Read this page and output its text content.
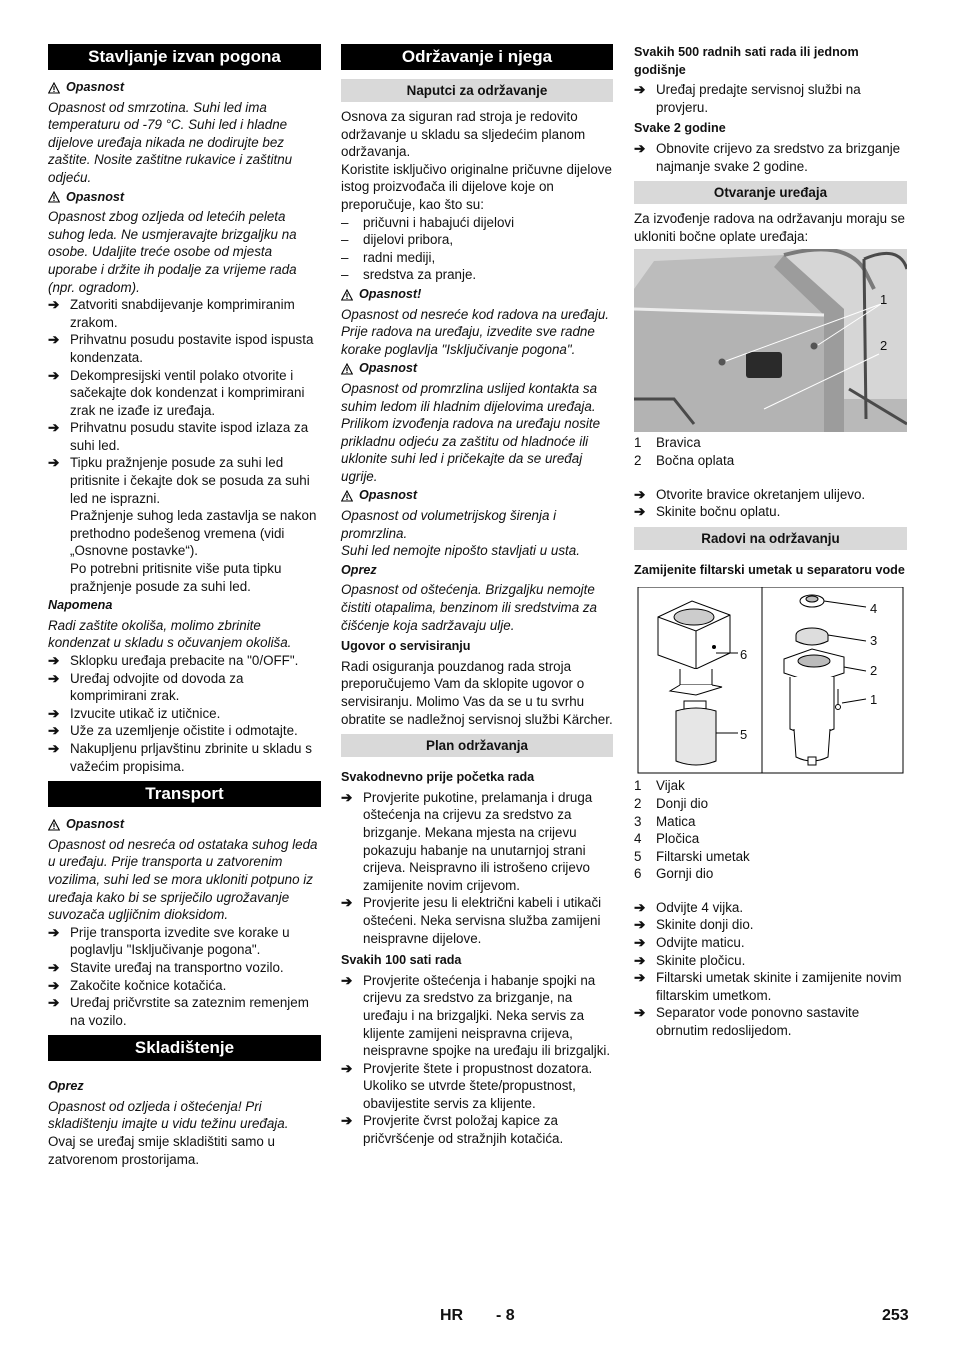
Stavljanje izvan pogona
Opasnost

Opasnost od smrzotina. Suhi led ima temperaturu od -79 °C. Suhi led i hladne dijelove uređaja nikada ne dodirujte bez zaštite. Nosite zaštitne rukavice i zaštitnu odjeću.

Opasnost

Opasnost zbog ozljeda od letećih peleta suhog leda. Ne usmjeravajte brizgaljku na osobe. Udaljite treće osobe od mjesta uporabe i držite ih podalje za vrijeme rada (npr. ogradom).

➔ Zatvoriti snabdijevanje komprimiranim zrakom.
➔ Prihvatnu posudu postavite ispod ispusta kondenzata.
➔ Dekompresijski ventil polako otvorite i sačekajte dok kondenzat i komprimirani zrak ne izađe iz uređaja.
➔ Prihvatnu posudu stavite ispod izlaza za suhi led.
➔ Tipku pražnjenje posude za suhi led pritisnite i čekajte dok se posuda za suhi led ne isprazni.

Pražnjenje suhog leda zastavlja se nakon prethodno podešenog vremena (vidi „Osnovne postavke“).

Po potrebni pritisnite više puta tipku pražnjenje posude za suhi led.

Napomena

Radi zaštite okoliša, molimo zbrinite kondenzat u skladu s očuvanjem okoliša.

➔ Sklopku uređaja prebacite na "0/OFF".
➔ Uređaj odvojite od dovoda za komprimirani zrak.
➔ Izvucite utikač iz utičnice.
➔ Uže za uzemljenje očistite i odmotajte.
➔ Nakupljenu prljavštinu zbrinite u skladu s važećim propisima.
Transport
Opasnost

Opasnost od nesreća od ostataka suhog leda u uređaju. Prije transporta u zatvorenim vozilima, suhi led se mora ukloniti potpuno iz uređaja kako bi se spriječilo ugrožavanje suvozača ugljičnim dioksidom.

➔ Prije transporta izvedite sve korake u poglavlju "Isključivanje pogona".
➔ Stavite uređaj na transportno vozilo.
➔ Zakočite kočnice kotačića.
➔ Uređaj pričvrstite sa zateznim remenjem na vozilo.
Skladištenje
Oprez

Opasnost od ozljeda i oštećenja! Pri skladištenju imajte u vidu težinu uređaja.

Ovaj se uređaj smije skladištiti samo u zatvorenom prostorijama.

Održavanje i njega
Naputci za održavanje

Osnova za siguran rad stroja je redovito održavanje u skladu sa sljedećim planom održavanja.

Koristite isključivo originalne pričuvne dijelove istog proizvođača ili dijelove koje on preporučuje, kao što su:

–	pričuvni i habajući dijelovi
–	dijelovi pribora,
–	radni mediji,
–	sredstva za pranje.
Opasnost!

Opasnost od nesreće kod radova na uređaju. Prije radova na uređaju, izvedite sve radne korake poglavlja "Isključivanje pogona".

Opasnost

Opasnost od promrzlina uslijed kontakta sa suhim ledom ili hladnim dijelovima uređaja. Prilikom izvođenja radova na uređaju nosite prikladnu odjeću za zaštitu od hladnoće ili uklonite suhi led i pričekajte da se uređaj ugrije.

Opasnost

Opasnost od volumetrijskog širenja i promrzlina.

Suhi led nemojte nipošto stavljati u usta.

Oprez

Opasnost od oštećenja. Brizgaljku nemojte čistiti otapalima, benzinom ili sredstvima za čišćenje koja sadržavaju ulje.

Ugovor o servisiranju

Radi osiguranja pouzdanog rada stroja preporučujemo Vam da sklopite ugovor o servisiranju. Molimo Vas da se u tu svrhu obratite se nadležnoj servisnoj službi Kärcher.

Plan održavanja
Svakodnevno prije početka rada
➔ Provjerite pukotine, prelamanja i druga oštećenja na crijevu za sredstvo za brizganje. Mekana mjesta na crijevu pokazuju habanje na unutarnjoj strani crijeva. Neispravno ili istrošeno crijevo zamijenite novim crijevom.
➔ Provjerite jesu li električni kabeli i utikači oštećeni. Neka servisna služba zamijeni neispravne dijelove.
Svakih 100 sati rada
➔ Provjerite oštećenja i habanje spojki na crijevu za sredstvo za brizganje, na uređaju i na brizgaljki. Neka servis za klijente zamijeni neispravna crijeva, neispravne spojke na uređaju ili brizgaljki.
➔ Provjerite štete i propustnost dozatora. Ukoliko se utvrde štete/propustnost, obavijestite servis za klijente.
➔ Provjerite čvrst položaj kapice za pričvršćenje od stražnjih kotačića.
Svakih 500 radnih sati rada ili jednom godišnje
➔ Uređaj predajte servisnoj službi na provjeru.
Svake 2 godine
➔ Obnovite crijevo za sredstvo za brizganje najmanje svake 2 godine.
Otvaranje uređaja

Za izvođenje radova na održavanju moraju se ukloniti bočne oplate uređaja:

1
2
1	Bravica
2	Bočna oplata
➔ Otvorite bravice okretanjem ulijevo.
➔ Skinite bočnu oplatu.
Radovi na održavanju
Zamijenite filtarski umetak u separatoru vode
4
3
2
1
6
5
1	Vijak
2	Donji dio
3	Matica
4	Pločica
5	Filtarski umetak
6	Gornji dio
➔ Odvijte 4 vijka.
➔ Skinite donji dio.
➔ Odvijte maticu.
➔ Skinite pločicu.
➔ Filtarski umetak skinite i zamijenite novim filtarskim umetkom.
➔ Separator vode ponovno sastavite obrnutim redoslijedom.
HR - 8	253
